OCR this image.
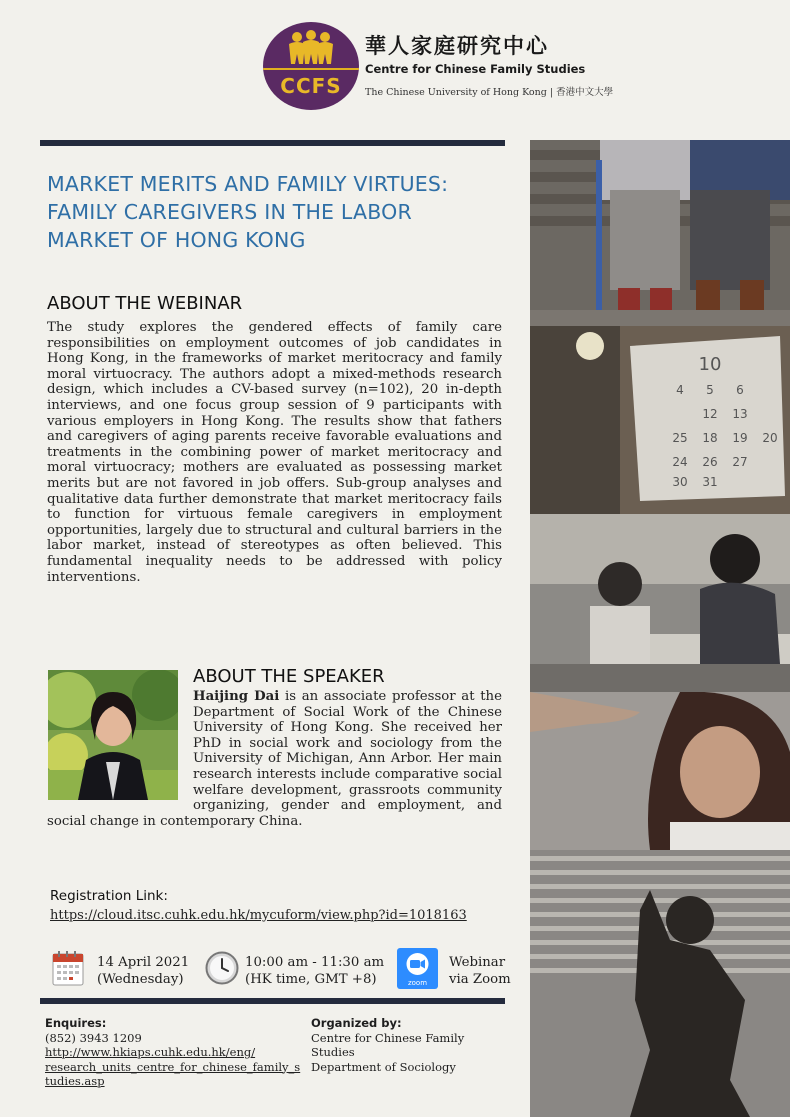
CCFS
華人家庭研究中心
Centre for Chinese Family Studies
The Chinese University of Hong Kong | 香港中文大學
MARKET MERITS AND FAMILY VIRTUES:
FAMILY CAREGIVERS IN THE LABOR
MARKET OF HONG KONG
ABOUT THE WEBINAR
The study explores the gendered effects of family care responsibilities on employment outcomes of job candidates in Hong Kong, in the frameworks of market meritocracy and family moral virtuocracy. The authors adopt a mixed-methods research design, which includes a CV-based survey (n=102), 20 in-depth interviews, and one focus group session of 9 participants with various employers in Hong Kong. The results show that fathers and caregivers of aging parents receive favorable evaluations and treatments in the combining power of market meritocracy and moral virtuocracy; mothers are evaluated as possessing market merits but are not favored in job offers. Sub-group analyses and qualitative data further demonstrate that market meritocracy fails to function for virtuous female caregivers in employment opportunities, largely due to structural and cultural barriers in the labor market, instead of stereotypes as often believed. This fundamental inequality needs to be addressed with policy interventions.
ABOUT THE SPEAKER
Haijing Dai is an associate professor at the Department of Social Work of the Chinese University of Hong Kong. She received her PhD in social work and sociology from the University of Michigan, Ann Arbor. Her main research interests include comparative social welfare development, grassroots community organizing, gender and employment, and social change in contemporary China.
Registration Link:
https://cloud.itsc.cuhk.edu.hk/mycuform/view.php?id=1018163
14 April 2021
(Wednesday)
10:00 am - 11:30 am
(HK time, GMT +8)	zoom
Webinar
via Zoom
Enquires:
(852) 3943 1209
http://www.hkiaps.cuhk.edu.hk/eng/
research_units_centre_for_chinese_family_s
tudies.asp
Organized by:
Centre for Chinese Family Studies
Department of Sociology
10
4 5 6
12 13
18 19 20
26 27
24
25
30 31
